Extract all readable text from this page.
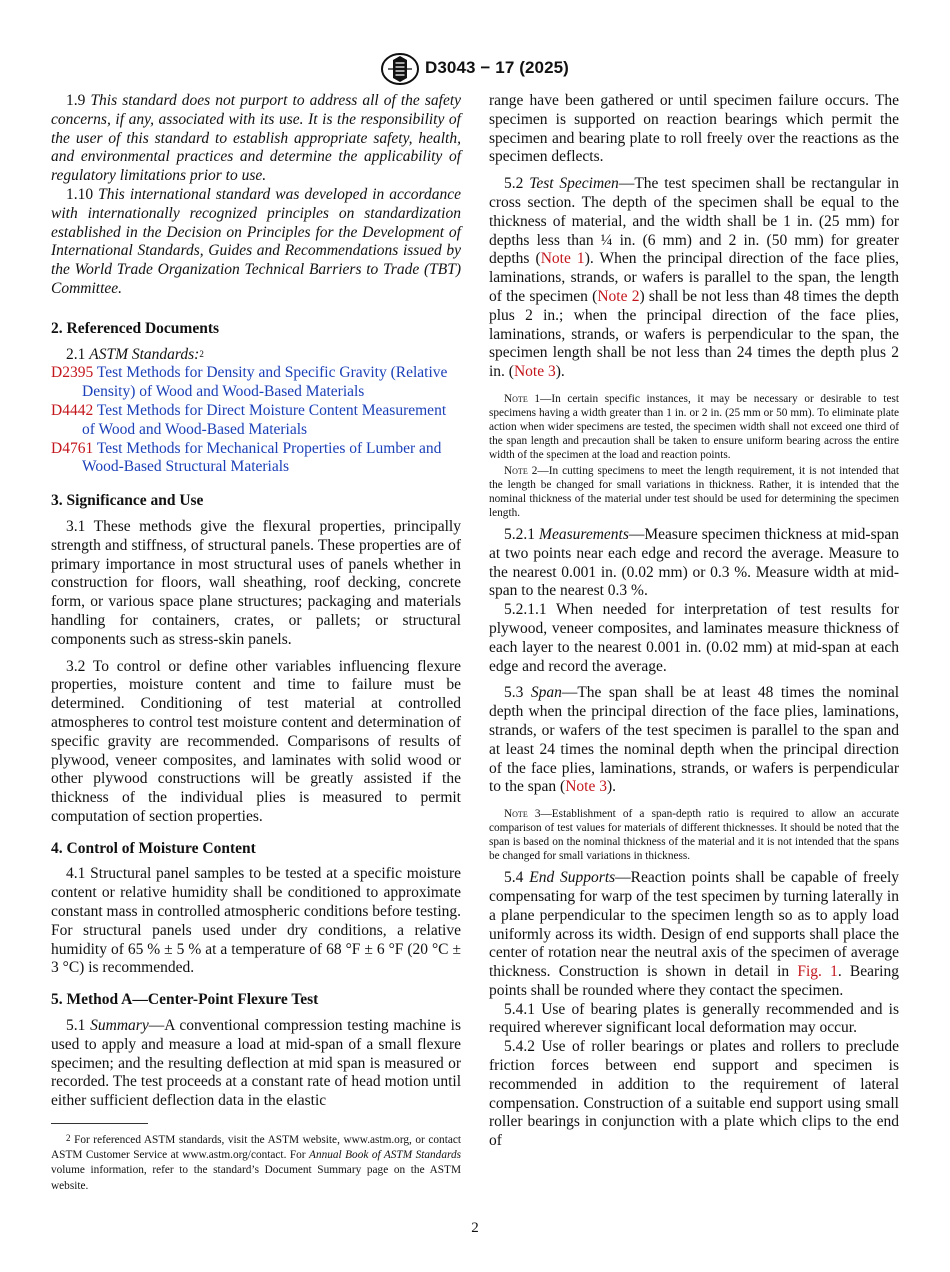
D3043 − 17 (2025)

1.9 This standard does not purport to address all of the safety concerns, if any, associated with its use. It is the responsibility of the user of this standard to establish appropriate safety, health, and environmental practices and determine the applicability of regulatory limitations prior to use.

1.10 This international standard was developed in accordance with internationally recognized principles on standardization established in the Decision on Principles for the Development of International Standards, Guides and Recommendations issued by the World Trade Organization Technical Barriers to Trade (TBT) Committee.

2. Referenced Documents

2.1 ASTM Standards:$^2$

D2395 Test Methods for Density and Specific Gravity (Relative Density) of Wood and Wood-Based Materials

D4442 Test Methods for Direct Moisture Content Measurement of Wood and Wood-Based Materials

D4761 Test Methods for Mechanical Properties of Lumber and Wood-Based Structural Materials

3. Significance and Use

3.1 These methods give the flexural properties, principally strength and stiffness, of structural panels. These properties are of primary importance in most structural uses of panels whether in construction for floors, wall sheathing, roof decking, concrete form, or various space plane structures; packaging and materials handling for containers, crates, or pallets; or structural components such as stress-skin panels.

3.2 To control or define other variables influencing flexure properties, moisture content and time to failure must be determined. Conditioning of test material at controlled atmospheres to control test moisture content and determination of specific gravity are recommended. Comparisons of results of plywood, veneer composites, and laminates with solid wood or other plywood constructions will be greatly assisted if the thickness of the individual plies is measured to permit computation of section properties.

4. Control of Moisture Content

4.1 Structural panel samples to be tested at a specific moisture content or relative humidity shall be conditioned to approximate constant mass in controlled atmospheric conditions before testing. For structural panels used under dry conditions, a relative humidity of 65 % ± 5 % at a temperature of 68 °F ± 6 °F (20 °C ± 3 °C) is recommended.

5. Method A—Center-Point Flexure Test

5.1 Summary—A conventional compression testing machine is used to apply and measure a load at mid-span of a small flexure specimen; and the resulting deflection at mid span is measured or recorded. The test proceeds at a constant rate of head motion until either sufficient deflection data in the elastic

$^2$ For referenced ASTM standards, visit the ASTM website, www.astm.org, or contact ASTM Customer Service at www.astm.org/contact. For Annual Book of ASTM Standards volume information, refer to the standard’s Document Summary page on the ASTM website.

range have been gathered or until specimen failure occurs. The specimen is supported on reaction bearings which permit the specimen and bearing plate to roll freely over the reactions as the specimen deflects.

5.2 Test Specimen—The test specimen shall be rectangular in cross section. The depth of the specimen shall be equal to the thickness of material, and the width shall be 1 in. (25 mm) for depths less than ¼ in. (6 mm) and 2 in. (50 mm) for greater depths (Note 1). When the principal direction of the face plies, laminations, strands, or wafers is parallel to the span, the length of the specimen (Note 2) shall be not less than 48 times the depth plus 2 in.; when the principal direction of the face plies, laminations, strands, or wafers is perpendicular to the span, the specimen length shall be not less than 24 times the depth plus 2 in. (Note 3).

Note 1—In certain specific instances, it may be necessary or desirable to test specimens having a width greater than 1 in. or 2 in. (25 mm or 50 mm). To eliminate plate action when wider specimens are tested, the specimen width shall not exceed one third of the span length and precaution shall be taken to ensure uniform bearing across the entire width of the specimen at the load and reaction points.

Note 2—In cutting specimens to meet the length requirement, it is not intended that the length be changed for small variations in thickness. Rather, it is intended that the nominal thickness of the material under test should be used for determining the specimen length.

5.2.1 Measurements—Measure specimen thickness at mid-span at two points near each edge and record the average. Measure to the nearest 0.001 in. (0.02 mm) or 0.3 %. Measure width at mid-span to the nearest 0.3 %.

5.2.1.1 When needed for interpretation of test results for plywood, veneer composites, and laminates measure thickness of each layer to the nearest 0.001 in. (0.02 mm) at mid-span at each edge and record the average.

5.3 Span—The span shall be at least 48 times the nominal depth when the principal direction of the face plies, laminations, strands, or wafers of the test specimen is parallel to the span and at least 24 times the nominal depth when the principal direction of the face plies, laminations, strands, or wafers is perpendicular to the span (Note 3).

Note 3—Establishment of a span-depth ratio is required to allow an accurate comparison of test values for materials of different thicknesses. It should be noted that the span is based on the nominal thickness of the material and it is not intended that the spans be changed for small variations in thickness.

5.4 End Supports—Reaction points shall be capable of freely compensating for warp of the test specimen by turning laterally in a plane perpendicular to the specimen length so as to apply load uniformly across its width. Design of end supports shall place the center of rotation near the neutral axis of the specimen of average thickness. Construction is shown in detail in Fig. 1. Bearing points shall be rounded where they contact the specimen.

5.4.1 Use of bearing plates is generally recommended and is required wherever significant local deformation may occur.

5.4.2 Use of roller bearings or plates and rollers to preclude friction forces between end support and specimen is recommended in addition to the requirement of lateral compensation. Construction of a suitable end support using small roller bearings in conjunction with a plate which clips to the end of

2
